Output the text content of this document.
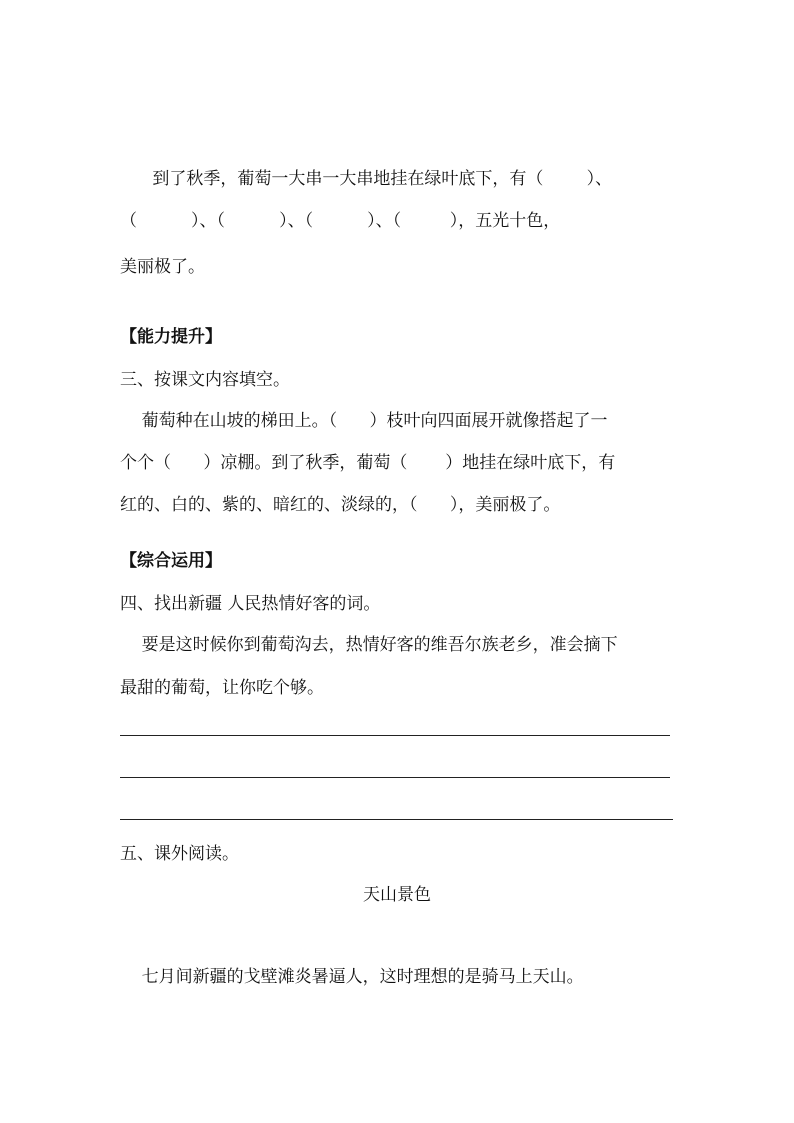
到了秋季，葡萄一大串一大串地挂在绿叶底下，有（        ）、
（          ）、（          ）、（          ）、（         ），五光十色，
美丽极了。
【能力提升】
三、按课文内容填空。
葡萄种在山坡的梯田上。（      ）枝叶向四面展开就像搭起了一
个个（      ）凉棚。到了秋季，葡萄（       ）地挂在绿叶底下，有
红的、白的、紫的、暗红的、淡绿的，（      ），美丽极了。
【综合运用】
四、找出新疆 人民热情好客的词。
要是这时候你到葡萄沟去，热情好客的维吾尔族老乡，准会摘下
最甜的葡萄，让你吃个够。
五、课外阅读。
天山景色
七月间新疆的戈壁滩炎暑逼人，这时理想的是骑马上天山。
